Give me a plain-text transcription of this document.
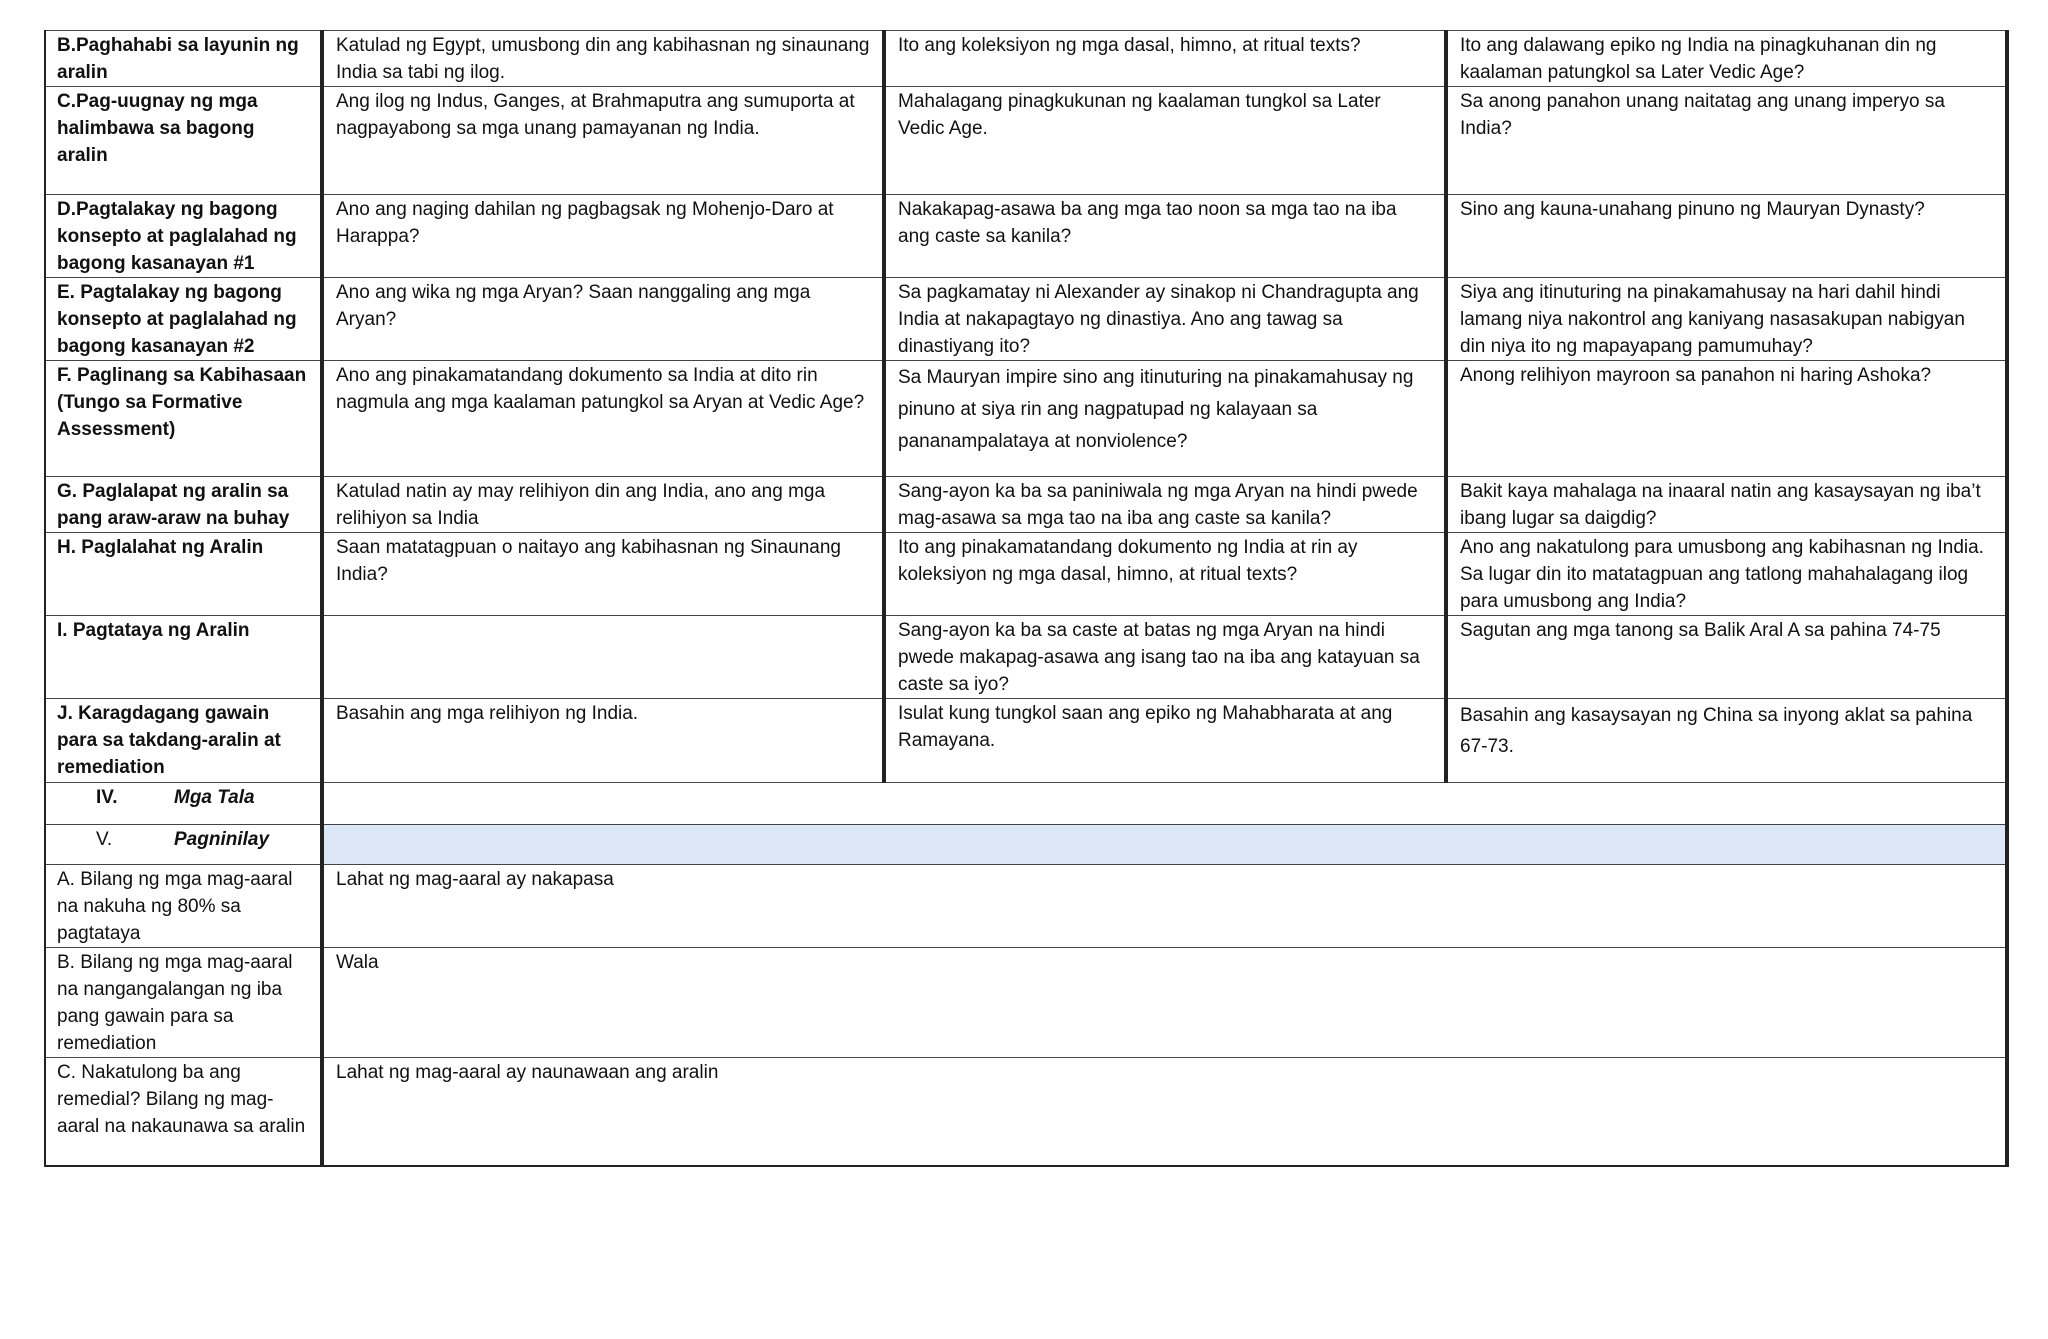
B.Paghahabi sa layunin ng aralin	Katulad ng Egypt, umusbong din ang kabihasnan ng sinaunang India sa tabi ng ilog.	Ito ang koleksiyon ng mga dasal, himno, at ritual texts?	Ito ang dalawang epiko ng India na pinagkuhanan din ng kaalaman patungkol sa Later Vedic Age?
C.Pag-uugnay ng mga halimbawa sa bagong aralin	Ang ilog ng Indus, Ganges, at Brahmaputra ang sumuporta at nagpayabong sa mga unang pamayanan ng India.	Mahalagang pinagkukunan ng kaalaman tungkol sa Later Vedic Age.	Sa anong panahon unang naitatag ang unang imperyo sa India?
D.Pagtalakay ng bagong konsepto at paglalahad ng bagong kasanayan #1	Ano ang naging dahilan ng pagbagsak ng Mohenjo-Daro at Harappa?	Nakakapag-asawa ba ang mga tao noon sa mga tao na iba ang caste sa kanila?	Sino ang kauna-unahang pinuno ng Mauryan Dynasty?
E. Pagtalakay ng bagong konsepto at paglalahad ng bagong kasanayan #2	Ano ang wika ng mga Aryan? Saan nanggaling ang mga Aryan?	Sa pagkamatay ni Alexander ay sinakop ni Chandragupta ang India at nakapagtayo ng dinastiya. Ano ang tawag sa dinastiyang ito?	Siya ang itinuturing na pinakamahusay na hari dahil hindi lamang niya nakontrol ang kaniyang nasasakupan nabigyan din niya ito ng mapayapang pamumuhay?
F. Paglinang sa Kabihasaan (Tungo sa Formative Assessment)	Ano ang pinakamatandang dokumento sa India at dito rin nagmula ang mga kaalaman patungkol sa Aryan at Vedic Age?	Sa Mauryan impire sino ang itinuturing na pinakamahusay ng pinuno at siya rin ang nagpatupad ng kalayaan sa pananampalataya at nonviolence?	Anong relihiyon mayroon sa panahon ni haring Ashoka?
G. Paglalapat ng aralin sa pang araw-araw na buhay	Katulad natin ay may relihiyon din ang India, ano ang mga relihiyon sa India	Sang-ayon ka ba sa paniniwala ng mga Aryan na hindi pwede mag-asawa sa mga tao na iba ang caste sa kanila?	Bakit kaya mahalaga na inaaral natin ang kasaysayan ng iba’t ibang lugar sa daigdig?
H. Paglalahat ng Aralin	Saan matatagpuan o naitayo ang kabihasnan ng Sinaunang India?	Ito ang pinakamatandang dokumento ng India at rin ay koleksiyon ng mga dasal, himno, at ritual texts?	Ano ang nakatulong para umusbong ang kabihasnan ng India. Sa lugar din ito matatagpuan ang tatlong mahahalagang ilog para umusbong ang India?
I. Pagtataya ng Aralin		Sang-ayon ka ba sa caste at batas ng mga Aryan na hindi pwede makapag-asawa ang isang tao na iba ang katayuan sa caste sa iyo?	Sagutan ang mga tanong sa Balik Aral A sa pahina 74-75
J. Karagdagang gawain para sa takdang-aralin at remediation	Basahin ang mga relihiyon ng India.	Isulat kung tungkol saan ang epiko ng Mahabharata at ang Ramayana.	Basahin ang kasaysayan ng China sa inyong aklat sa pahina 67-73.
IV. Mga Tala			
V. Pagninilay			
A. Bilang ng mga mag-aaral na nakuha ng 80% sa pagtataya	Lahat ng mag-aaral ay nakapasa		
B. Bilang ng mga mag-aaral na nangangalangan ng iba pang gawain para sa remediation	Wala		
C. Nakatulong ba ang remedial? Bilang ng mag-aaral na nakaunawa sa aralin	Lahat ng mag-aaral ay naunawaan ang aralin		
